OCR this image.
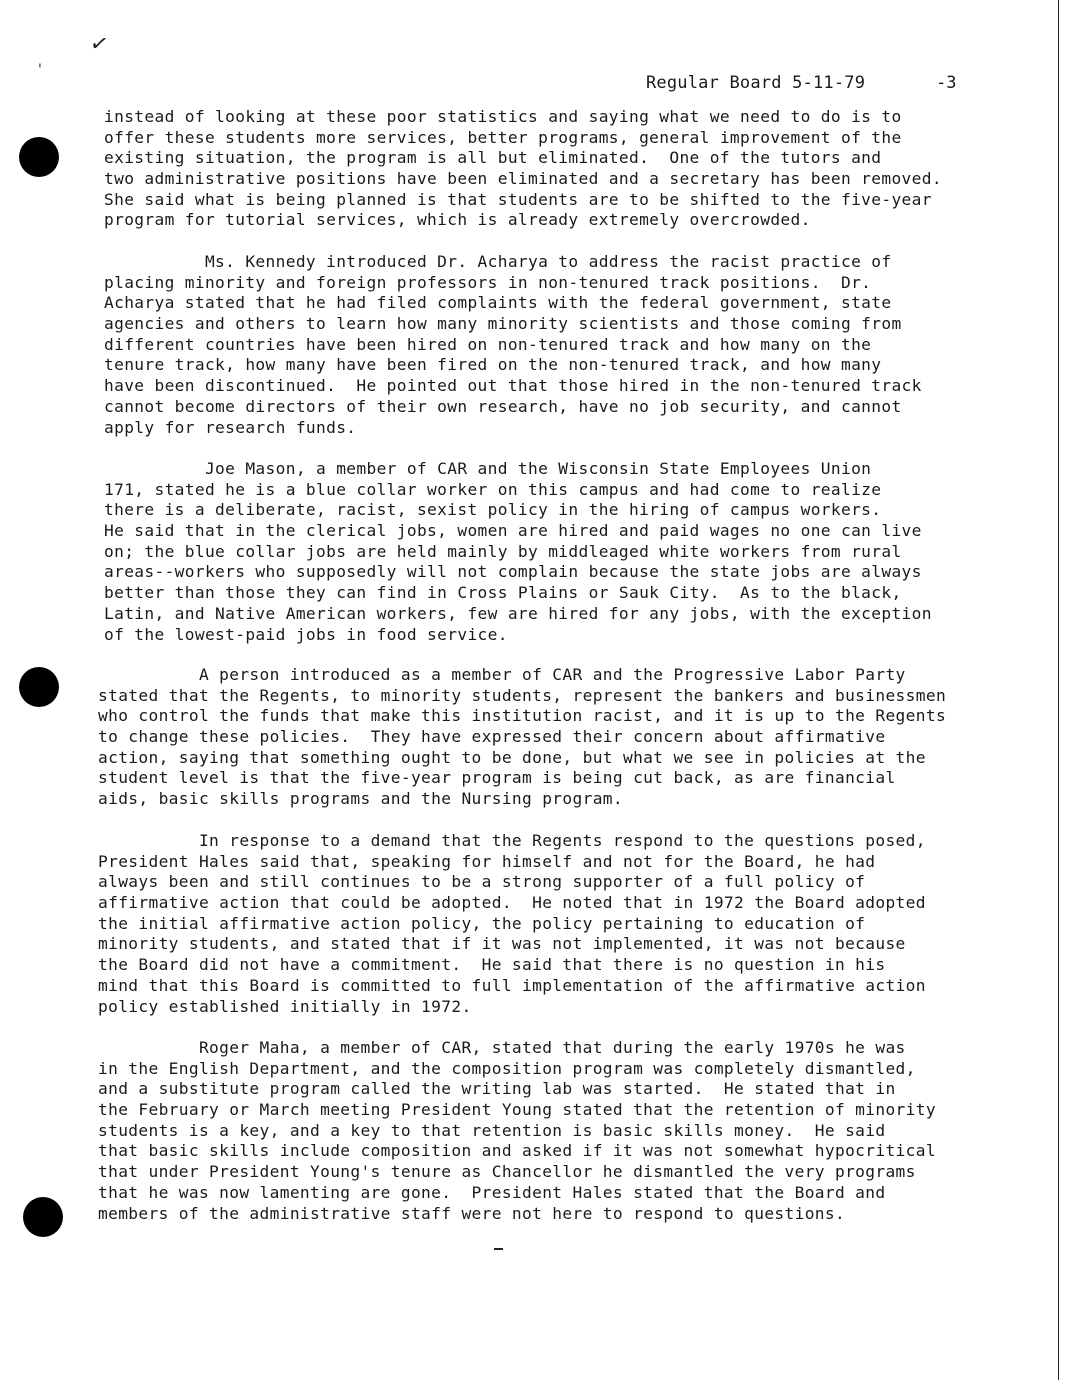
✓
'
Regular Board 5-11-79	-3
instead of looking at these poor statistics and saying what we need to do is to
offer these students more services, better programs, general improvement of the
existing situation, the program is all but eliminated.  One of the tutors and
two administrative positions have been eliminated and a secretary has been removed.
She said what is being planned is that students are to be shifted to the five-year
program for tutorial services, which is already extremely overcrowded.
Ms. Kennedy introduced Dr. Acharya to address the racist practice of
placing minority and foreign professors in non-tenured track positions.  Dr.
Acharya stated that he had filed complaints with the federal government, state
agencies and others to learn how many minority scientists and those coming from
different countries have been hired on non-tenured track and how many on the
tenure track, how many have been fired on the non-tenured track, and how many
have been discontinued.  He pointed out that those hired in the non-tenured track
cannot become directors of their own research, have no job security, and cannot
apply for research funds.
Joe Mason, a member of CAR and the Wisconsin State Employees Union
171, stated he is a blue collar worker on this campus and had come to realize
there is a deliberate, racist, sexist policy in the hiring of campus workers.
He said that in the clerical jobs, women are hired and paid wages no one can live
on; the blue collar jobs are held mainly by middleaged white workers from rural
areas--workers who supposedly will not complain because the state jobs are always
better than those they can find in Cross Plains or Sauk City.  As to the black,
Latin, and Native American workers, few are hired for any jobs, with the exception
of the lowest-paid jobs in food service.
A person introduced as a member of CAR and the Progressive Labor Party
stated that the Regents, to minority students, represent the bankers and businessmen
who control the funds that make this institution racist, and it is up to the Regents
to change these policies.  They have expressed their concern about affirmative
action, saying that something ought to be done, but what we see in policies at the
student level is that the five-year program is being cut back, as are financial
aids, basic skills programs and the Nursing program.
In response to a demand that the Regents respond to the questions posed,
President Hales said that, speaking for himself and not for the Board, he had
always been and still continues to be a strong supporter of a full policy of
affirmative action that could be adopted.  He noted that in 1972 the Board adopted
the initial affirmative action policy, the policy pertaining to education of
minority students, and stated that if it was not implemented, it was not because
the Board did not have a commitment.  He said that there is no question in his
mind that this Board is committed to full implementation of the affirmative action
policy established initially in 1972.
Roger Maha, a member of CAR, stated that during the early 1970s he was
in the English Department, and the composition program was completely dismantled,
and a substitute program called the writing lab was started.  He stated that in
the February or March meeting President Young stated that the retention of minority
students is a key, and a key to that retention is basic skills money.  He said
that basic skills include composition and asked if it was not somewhat hypocritical
that under President Young's tenure as Chancellor he dismantled the very programs
that he was now lamenting are gone.  President Hales stated that the Board and
members of the administrative staff were not here to respond to questions.
